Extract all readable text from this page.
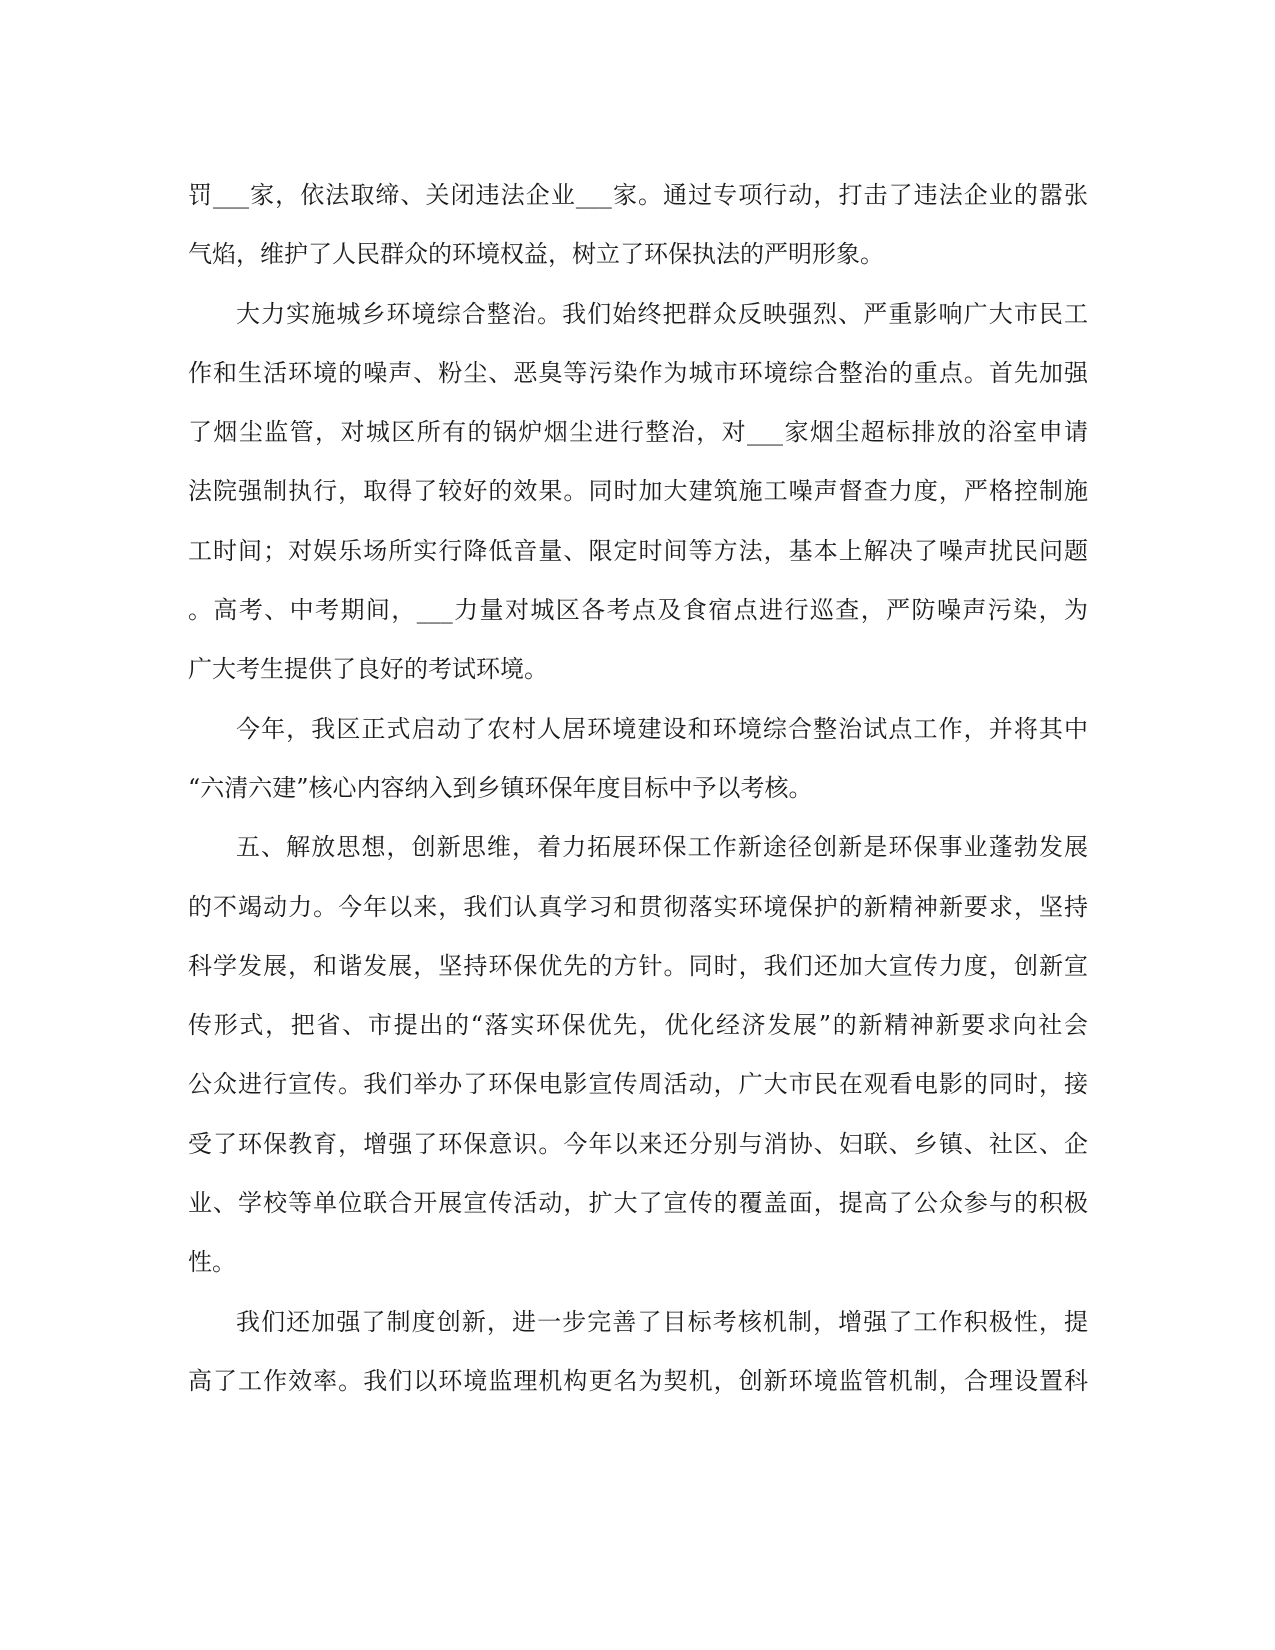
罚___家，依法取缔、关闭违法企业___家。通过专项行动，打击了违法企业的嚣张
气焰，维护了人民群众的环境权益，树立了环保执法的严明形象。
大力实施城乡环境综合整治。我们始终把群众反映强烈、严重影响广大市民工
作和生活环境的噪声、粉尘、恶臭等污染作为城市环境综合整治的重点。首先加强
了烟尘监管，对城区所有的锅炉烟尘进行整治，对___家烟尘超标排放的浴室申请
法院强制执行，取得了较好的效果。同时加大建筑施工噪声督查力度，严格控制施
工时间；对娱乐场所实行降低音量、限定时间等方法，基本上解决了噪声扰民问题
。高考、中考期间，___力量对城区各考点及食宿点进行巡查，严防噪声污染，为
广大考生提供了良好的考试环境。
今年，我区正式启动了农村人居环境建设和环境综合整治试点工作，并将其中
“六清六建”核心内容纳入到乡镇环保年度目标中予以考核。
五、解放思想，创新思维，着力拓展环保工作新途径创新是环保事业蓬勃发展
的不竭动力。今年以来，我们认真学习和贯彻落实环境保护的新精神新要求，坚持
科学发展，和谐发展，坚持环保优先的方针。同时，我们还加大宣传力度，创新宣
传形式，把省、市提出的“落实环保优先，优化经济发展”的新精神新要求向社会
公众进行宣传。我们举办了环保电影宣传周活动，广大市民在观看电影的同时，接
受了环保教育，增强了环保意识。今年以来还分别与消协、妇联、乡镇、社区、企
业、学校等单位联合开展宣传活动，扩大了宣传的覆盖面，提高了公众参与的积极
性。
我们还加强了制度创新，进一步完善了目标考核机制，增强了工作积极性，提
高了工作效率。我们以环境监理机构更名为契机，创新环境监管机制，合理设置科
